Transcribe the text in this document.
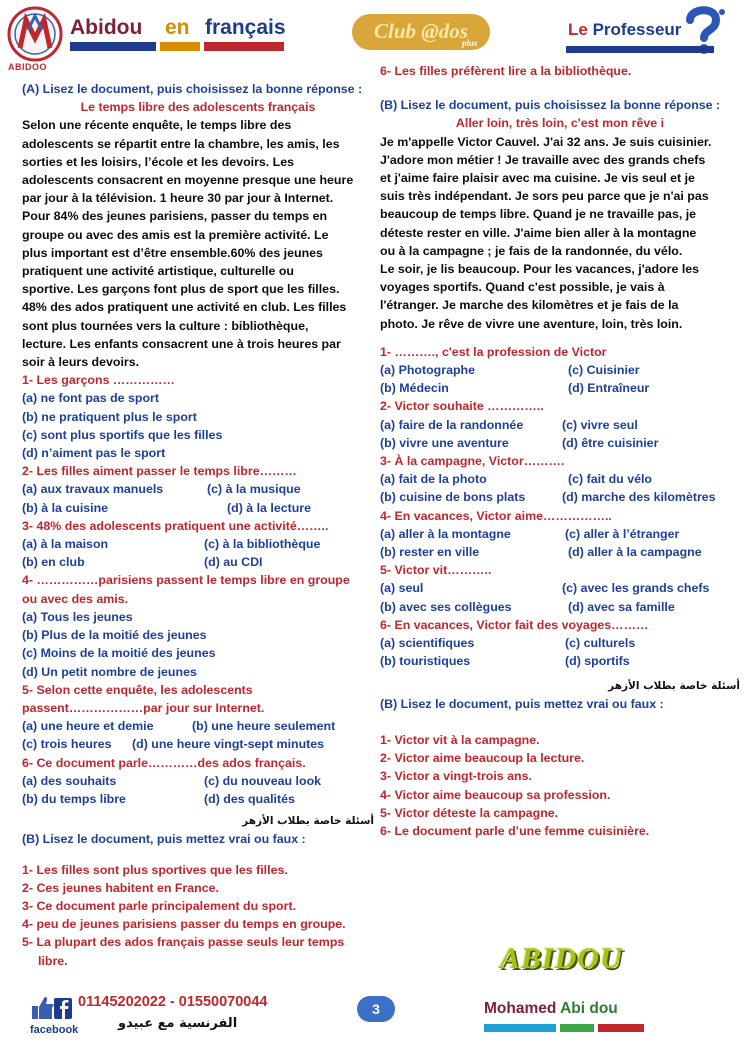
ABIDOO
Abidou en français	Club @dos
plus
Le Professeur
(A) Lisez le document, puis choisissez la bonne réponse :
Le temps libre des adolescents français
Selon une récente enquête, le temps libre des
adolescents se répartit entre la chambre, les amis, les
sorties et les loisirs, l’école et les devoirs. Les
adolescents consacrent en moyenne presque une heure
par jour à la télévision. 1 heure 30 par jour à Internet.
Pour 84% des jeunes parisiens, passer du temps en
groupe ou avec des amis est la première activité. Le
plus important est d’être ensemble.60% des jeunes
pratiquent une activité artistique, culturelle ou
sportive. Les garçons font plus de sport que les filles.
48% des ados pratiquent une activité en club. Les filles
sont plus tournées vers la culture : bibliothèque,
lecture. Les enfants consacrent une à trois heures par
soir à leurs devoirs.
1- Les garçons ……………
(a) ne font pas de sport
(b) ne pratiquent plus le sport
(c) sont plus sportifs que les filles
(d) n’aiment pas le sport
2- Les filles aiment passer le temps libre………
(a) aux travaux manuels	(c) à la musique
(b) à la cuisine	(d) à la lecture
3- 48% des adolescents pratiquent une activité……..
(a) à la maison	(c) à la bibliothèque
(b) en club	(d) au CDI
4- ……………parisiens passent le temps libre en groupe
ou avec des amis.
(a) Tous les jeunes
(b) Plus de la moitié des jeunes
(c) Moins de la moitié des jeunes
(d) Un petit nombre de jeunes
5- Selon cette enquête, les adolescents
passent………………par jour sur Internet.
(a) une heure et demie	(b) une heure seulement
(c) trois heures	(d) une heure vingt-sept minutes
6- Ce document parle…………des ados français.
(a) des souhaits	(c) du nouveau look
(b) du temps libre	(d) des qualités
أسئلة خاصة بطلاب الأزهر
(B) Lisez le document, puis mettez vrai ou faux :
1- Les filles sont plus sportives que les filles.
2- Ces jeunes habitent en France.
3- Ce document parle principalement du sport.
4- peu de jeunes parisiens passer du temps en groupe.
5- La plupart des ados français passe seuls leur temps
libre.
6- Les filles préfèrent lire a la bibliothèque.
(B) Lisez le document, puis choisissez la bonne réponse :
Aller loin, très loin, c'est mon rêve i
Je m'appelle Victor Cauvel. J'ai 32 ans. Je suis cuisinier.
J'adore mon métier ! Je travaille avec des grands chefs
et j'aime faire plaisir avec ma cuisine. Je vis seul et je
suis très indépendant. Je sors peu parce que je n'ai pas
beaucoup de temps libre. Quand je ne travaille pas, je
déteste rester en ville. J'aime bien aller à la montagne
ou à la campagne ; je fais de la randonnée, du vélo.
Le soir, je lis beaucoup. Pour les vacances, j'adore les
voyages sportifs. Quand c'est possible, je vais à
l'étranger. Je marche des kilomètres et je fais de la
photo. Je rêve de vivre une aventure, loin, très loin.
1- ………., c'est la profession de Victor
(a) Photographe	(c) Cuisinier
(b) Médecin	(d) Entraîneur
2- Victor souhaite …………..
(a) faire de la randonnée	(c) vivre seul
(b) vivre une aventure	(d) être cuisinier
3- À la campagne, Victor……….
(a) fait de la photo	(c) fait du vélo
(b) cuisine de bons plats	(d) marche des kilomètres
4- En vacances, Victor aime……………..
(a) aller à la montagne	(c) aller à l’étranger
(b) rester en ville	(d) aller à la campagne
5- Victor vit………..
(a) seul	(c) avec les grands chefs
(b) avec ses collègues	(d) avec sa famille
6- En vacances, Victor fait des voyages………
(a) scientifiques	(c) culturels
(b) touristiques	(d) sportifs
أسئلة خاصة بطلاب الأزهر
(B) Lisez le document, puis mettez vrai ou faux :
1- Victor vit à la campagne.
2- Victor aime beaucoup la lecture.
3- Victor a vingt-trois ans.
4- Victor aime beaucoup sa profession.
5- Victor déteste la campagne.
6- Le document parle d’une femme cuisinière.
01145202022 - 01550070044
facebook	الفرنسية مع عبيدو
3
ABIDOU
Mohamed Abi dou
